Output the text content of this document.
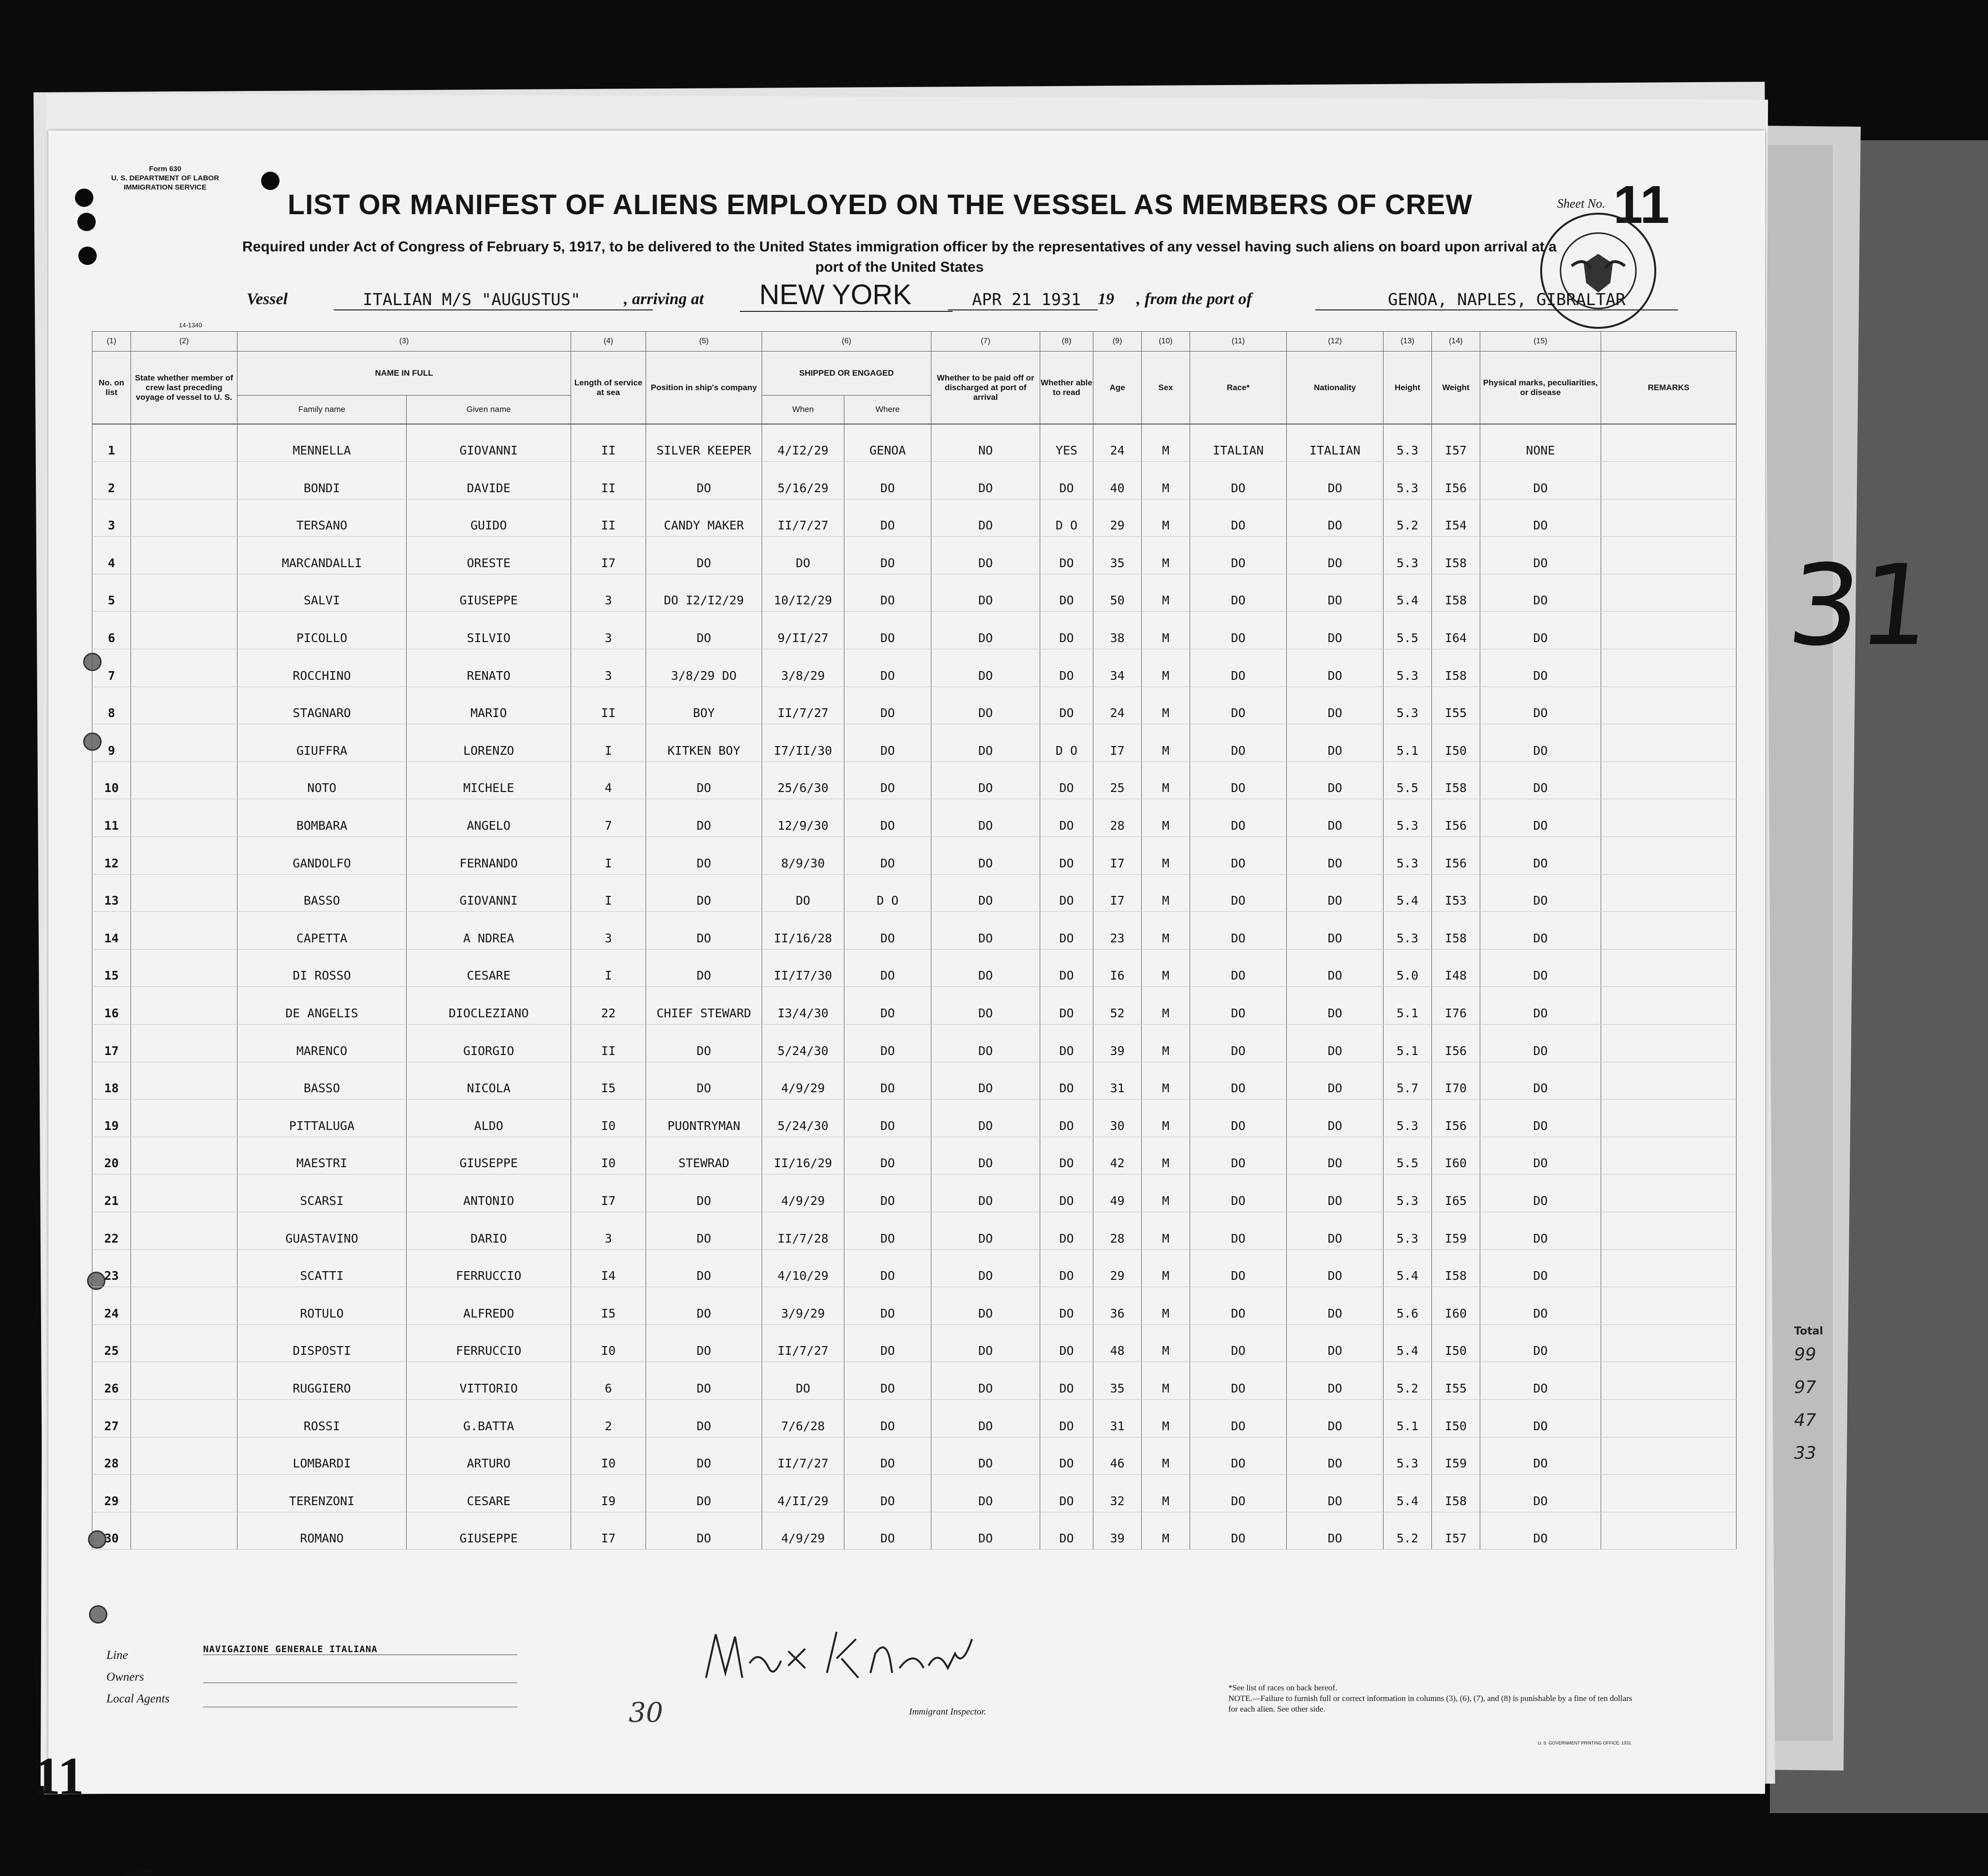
31
Total
99
97
47
33
Form 630
U. S. DEPARTMENT OF LABOR
IMMIGRATION SERVICE
Sheet No. 11
LIST OR MANIFEST OF ALIENS EMPLOYED ON THE VESSEL AS MEMBERS OF CREW
Required under Act of Congress of February 5, 1917, to be delivered to the United States immigration officer by the representatives of any vessel having such aliens on board upon arrival at a
port of the United States
14-1340
Vessel	ITALIAN M/S "AUGUSTUS"	, arriving at	NEW YORK	APR 21 1931	19 , from the port of	GENOA, NAPLES, GIBRALTAR
(1)	(2)	(3)		(4)	(5)	(6)		(7)	(8)	(9)	(10)	(11)	(12)	(13)	(14)	(15)	
No. on list	State whether member of crew last preceding voyage of vessel to U. S.	NAME IN FULL		Length of service at sea	Position in ship's company	SHIPPED OR ENGAGED		Whether to be paid off or discharged at port of arrival	Whether able to read	Age	Sex	Race*	Nationality	Height	Weight	Physical marks, peculiarities, or disease	REMARKS
		Family name	Given name			When	Where										
1		MENNELLA	GIOVANNI	II	SILVER KEEPER	4/I2/29	GENOA	NO	YES	24	M	ITALIAN	ITALIAN	5.3	I57	NONE	
2		BONDI	DAVIDE	II	DO	5/16/29	DO	DO	DO	40	M	DO	DO	5.3	I56	DO	
3		TERSANO	GUIDO	II	CANDY MAKER	II/7/27	DO	DO	D O	29	M	DO	DO	5.2	I54	DO	
4		MARCANDALLI	ORESTE	I7	DO	DO	DO	DO	DO	35	M	DO	DO	5.3	I58	DO	
5		SALVI	GIUSEPPE	3	DO I2/I2/29	10/I2/29	DO	DO	DO	50	M	DO	DO	5.4	I58	DO	
6		PICOLLO	SILVIO	3	DO	9/II/27	DO	DO	DO	38	M	DO	DO	5.5	I64	DO	
7		ROCCHINO	RENATO	3	3/8/29 DO	3/8/29	DO	DO	DO	34	M	DO	DO	5.3	I58	DO	
8		STAGNARO	MARIO	II	BOY	II/7/27	DO	DO	DO	24	M	DO	DO	5.3	I55	DO	
9		GIUFFRA	LORENZO	I	KITKEN BOY	I7/II/30	DO	DO	D O	I7	M	DO	DO	5.1	I50	DO	
10		NOTO	MICHELE	4	DO	25/6/30	DO	DO	DO	25	M	DO	DO	5.5	I58	DO	
11		BOMBARA	ANGELO	7	DO	12/9/30	DO	DO	DO	28	M	DO	DO	5.3	I56	DO	
12		GANDOLFO	FERNANDO	I	DO	8/9/30	DO	DO	DO	I7	M	DO	DO	5.3	I56	DO	
13		BASSO	GIOVANNI	I	DO	DO	D O	DO	DO	I7	M	DO	DO	5.4	I53	DO	
14		CAPETTA	A NDREA	3	DO	II/16/28	DO	DO	DO	23	M	DO	DO	5.3	I58	DO	
15		DI ROSSO	CESARE	I	DO	II/I7/30	DO	DO	DO	I6	M	DO	DO	5.0	I48	DO	
16		DE ANGELIS	DIOCLEZIANO	22	CHIEF STEWARD	I3/4/30	DO	DO	DO	52	M	DO	DO	5.1	I76	DO	
17		MARENCO	GIORGIO	II	DO	5/24/30	DO	DO	DO	39	M	DO	DO	5.1	I56	DO	
18		BASSO	NICOLA	I5	DO	4/9/29	DO	DO	DO	31	M	DO	DO	5.7	I70	DO	
19		PITTALUGA	ALDO	I0	PUONTRYMAN	5/24/30	DO	DO	DO	30	M	DO	DO	5.3	I56	DO	
20		MAESTRI	GIUSEPPE	I0	STEWRAD	II/16/29	DO	DO	DO	42	M	DO	DO	5.5	I60	DO	
21		SCARSI	ANTONIO	I7	DO	4/9/29	DO	DO	DO	49	M	DO	DO	5.3	I65	DO	
22		GUASTAVINO	DARIO	3	DO	II/7/28	DO	DO	DO	28	M	DO	DO	5.3	I59	DO	
23		SCATTI	FERRUCCIO	I4	DO	4/10/29	DO	DO	DO	29	M	DO	DO	5.4	I58	DO	
24		ROTULO	ALFREDO	I5	DO	3/9/29	DO	DO	DO	36	M	DO	DO	5.6	I60	DO	
25		DISPOSTI	FERRUCCIO	I0	DO	II/7/27	DO	DO	DO	48	M	DO	DO	5.4	I50	DO	
26		RUGGIERO	VITTORIO	6	DO	DO	DO	DO	DO	35	M	DO	DO	5.2	I55	DO	
27		ROSSI	G.BATTA	2	DO	7/6/28	DO	DO	DO	31	M	DO	DO	5.1	I50	DO	
28		LOMBARDI	ARTURO	I0	DO	II/7/27	DO	DO	DO	46	M	DO	DO	5.3	I59	DO	
29		TERENZONI	CESARE	I9	DO	4/II/29	DO	DO	DO	32	M	DO	DO	5.4	I58	DO	
30		ROMANO	GIUSEPPE	I7	DO	4/9/29	DO	DO	DO	39	M	DO	DO	5.2	I57	DO	
14—1340
Line	NAVIGAZIONE GENERALE ITALIANA
Owners
Local Agents
Immigrant Inspector.
30
*See list of races on back hereof.
NOTE.—Failure to furnish full or correct information in columns (3), (6), (7), and (8) is punishable by a fine of ten dollars for each alien. See other side.
U. S. GOVERNMENT PRINTING OFFICE: 1931
11
